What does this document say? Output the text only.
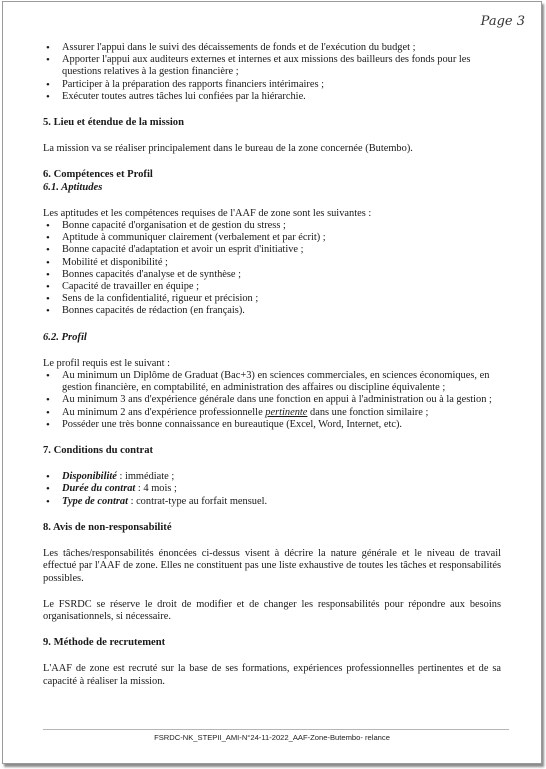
Page 3
• Assurer l'appui dans le suivi des décaissements de fonds et de l'exécution du budget ;
• Apporter l'appui aux auditeurs externes et internes et aux missions des bailleurs des fonds pour les questions relatives à la gestion financière ;
• Participer à la préparation des rapports financiers intérimaires ;
• Exécuter toutes autres tâches lui confiées par la hiérarchie.
5. Lieu et étendue de la mission

La mission va se réaliser principalement dans le bureau de la zone concernée (Butembo).

6. Compétences et Profil
6.1. Aptitudes

Les aptitudes et les compétences requises de l'AAF de zone sont les suivantes :

• Bonne capacité d'organisation et de gestion du stress ;
• Aptitude à communiquer clairement (verbalement et par écrit) ;
• Bonne capacité d'adaptation et avoir un esprit d'initiative ;
• Mobilité et disponibilité ;
• Bonnes capacités d'analyse et de synthèse ;
• Capacité de travailler en équipe ;
• Sens de la confidentialité, rigueur et précision ;
• Bonnes capacités de rédaction (en français).
6.2. Profil

Le profil requis est le suivant :

• Au minimum un Diplôme de Graduat (Bac+3) en sciences commerciales, en sciences économiques, en gestion financière, en comptabilité, en administration des affaires ou discipline équivalente ;
• Au minimum 3 ans d'expérience générale dans une fonction en appui à l'administration ou à la gestion ;
• Au minimum 2 ans d'expérience professionnelle pertinente dans une fonction similaire ;
• Posséder une très bonne connaissance en bureautique (Excel, Word, Internet, etc).
7. Conditions du contrat
• Disponibilité : immédiate ;
• Durée du contrat : 4 mois ;
• Type de contrat : contrat-type au forfait mensuel.
8. Avis de non-responsabilité

Les tâches/responsabilités énoncées ci-dessus visent à décrire la nature générale et le niveau de travail effectué par l'AAF de zone. Elles ne constituent pas une liste exhaustive de toutes les tâches et responsabilités possibles.

Le FSRDC se réserve le droit de modifier et de changer les responsabilités pour répondre aux besoins organisationnels, si nécessaire.

9. Méthode de recrutement

L'AAF de zone est recruté sur la base de ses formations, expériences professionnelles pertinentes et de sa capacité à réaliser la mission.

FSRDC-NK_STEPII_AMI-N°24-11-2022_AAF-Zone-Butembo- relance
